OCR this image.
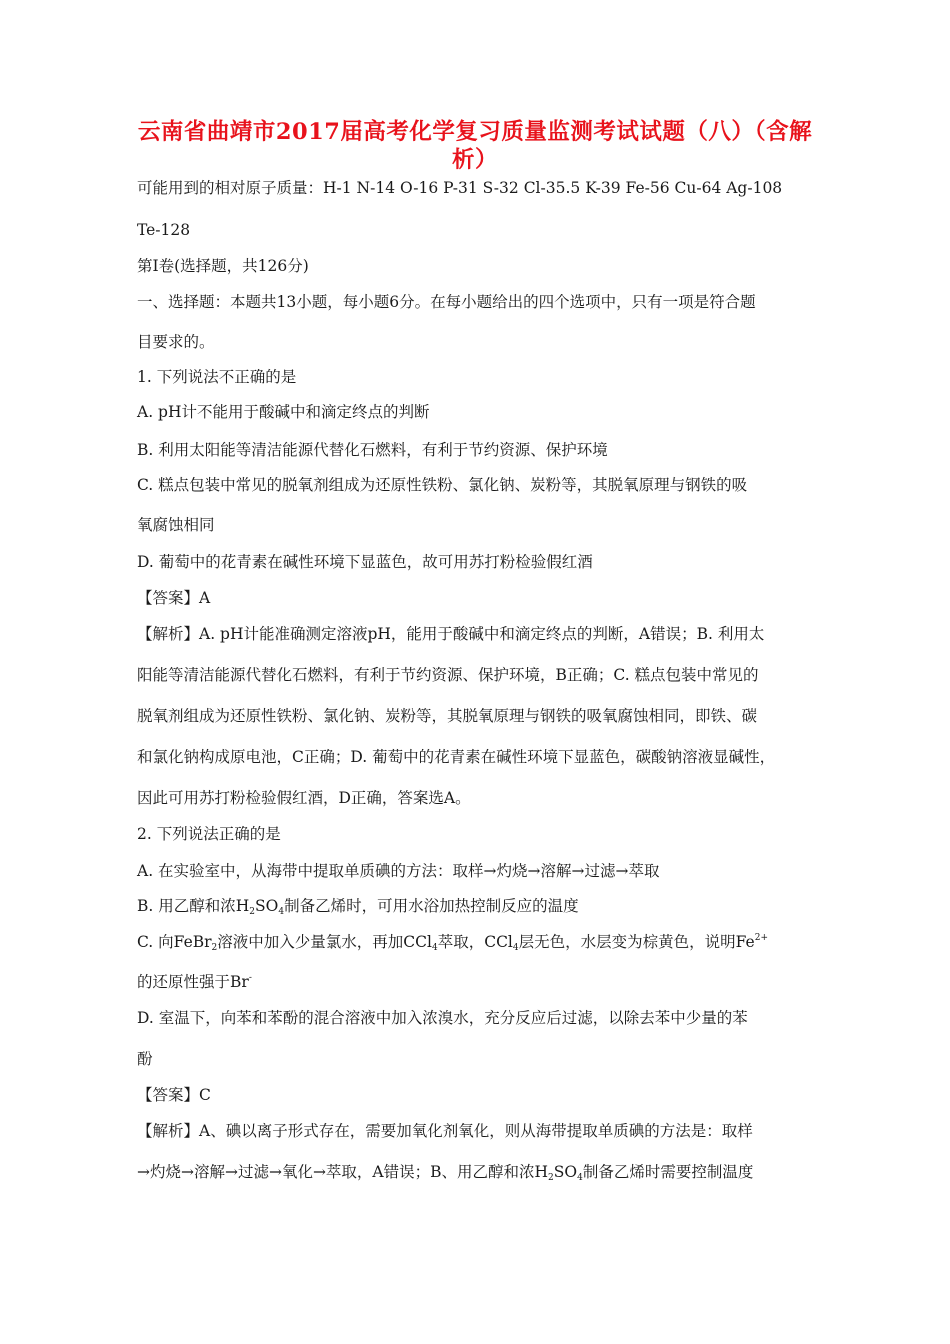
云南省曲靖市2017届高考化学复习质量监测考试试题（八）（含解
析）
可能用到的相对原子质量：H-1 N-14 O-16 P-31 S-32 Cl-35.5 K-39 Fe-56 Cu-64 Ag-108
Te-128
第Ⅰ卷(选择题，共126分)
一、选择题：本题共13小题，每小题6分。在每小题给出的四个选项中，只有一项是符合题
目要求的。
1. 下列说法不正确的是
A. pH计不能用于酸碱中和滴定终点的判断
B. 利用太阳能等清洁能源代替化石燃料，有利于节约资源、保护环境
C. 糕点包装中常见的脱氧剂组成为还原性铁粉、氯化钠、炭粉等，其脱氧原理与钢铁的吸
氧腐蚀相同
D. 葡萄中的花青素在碱性环境下显蓝色，故可用苏打粉检验假红酒
【答案】A
【解析】A. pH计能准确测定溶液pH，能用于酸碱中和滴定终点的判断，A错误；B. 利用太
阳能等清洁能源代替化石燃料，有利于节约资源、保护环境，B正确；C. 糕点包装中常见的
脱氧剂组成为还原性铁粉、氯化钠、炭粉等，其脱氧原理与钢铁的吸氧腐蚀相同，即铁、碳
和氯化钠构成原电池，C正确；D. 葡萄中的花青素在碱性环境下显蓝色，碳酸钠溶液显碱性，
因此可用苏打粉检验假红酒，D正确，答案选A。
2. 下列说法正确的是
A. 在实验室中，从海带中提取单质碘的方法：取样→灼烧→溶解→过滤→萃取
B. 用乙醇和浓$H_2SO_4$制备乙烯时，可用水浴加热控制反应的温度
C. 向FeBr$_2$溶液中加入少量氯水，再加CCl$_4$萃取，CCl$_4$层无色，水层变为棕黄色，说明$Fe^{2+}$
的还原性强于Br-
D. 室温下，向苯和苯酚的混合溶液中加入浓溴水，充分反应后过滤，以除去苯中少量的苯
酚
【答案】C
【解析】A、碘以离子形式存在，需要加氧化剂氧化，则从海带提取单质碘的方法是：取样
→灼烧→溶解→过滤→氧化→萃取，A错误；B、用乙醇和浓$H_2SO_4$制备乙烯时需要控制温度
